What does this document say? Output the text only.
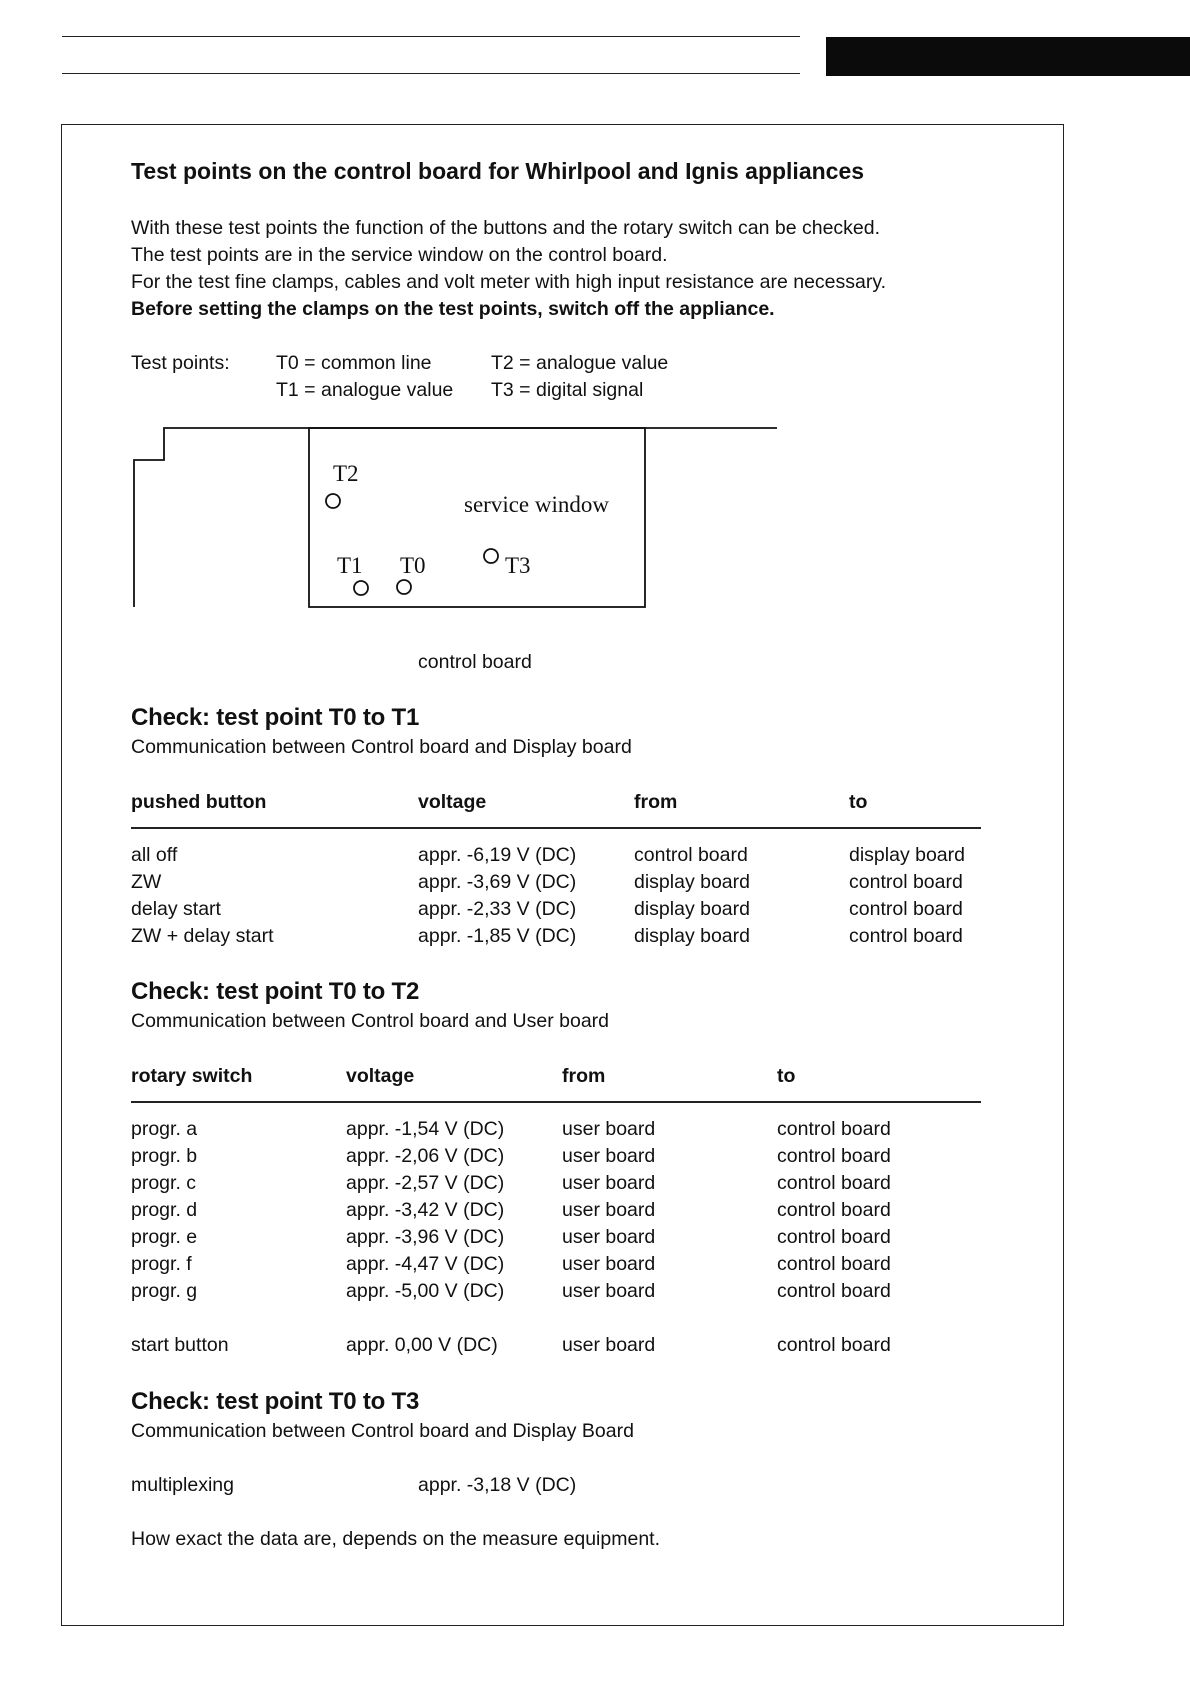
Test points on the control board for Whirlpool and Ignis appliances
With these test points the function of the buttons and the rotary switch can be checked.
The test points are in the service window on the control board.
For the test fine clamps, cables and volt meter with high input resistance are necessary.
Before setting the clamps on the test points, switch off the appliance.
Test points: T0 = common line	T2 = analogue value
T1 = analogue value T3 = digital signal
T2
service window
T1 T0	T3
control board
Check: test point T0 to T1
Communication between Control board and Display board
pushed button	voltage	from	to
all off	appr. -6,19 V (DC)	control board	display board
ZW	appr. -3,69 V (DC)	display board	control board
delay start	appr. -2,33 V (DC)	display board	control board
ZW + delay start	appr. -1,85 V (DC)	display board	control board
Check: test point T0 to T2
Communication between Control board and User board
rotary switch	voltage	from	to
progr. a	appr. -1,54 V (DC)	user board	control board
progr. b	appr. -2,06 V (DC)	user board	control board
progr. c	appr. -2,57 V (DC)	user board	control board
progr. d	appr. -3,42 V (DC)	user board	control board
progr. e	appr. -3,96 V (DC)	user board	control board
progr. f	appr. -4,47 V (DC)	user board	control board
progr. g	appr. -5,00 V (DC)	user board	control board
start button	appr. 0,00 V (DC)	user board	control board
Check: test point T0 to T3
Communication between Control board and Display Board
multiplexing	appr. -3,18 V (DC)
How exact the data are, depends on the measure equipment.
